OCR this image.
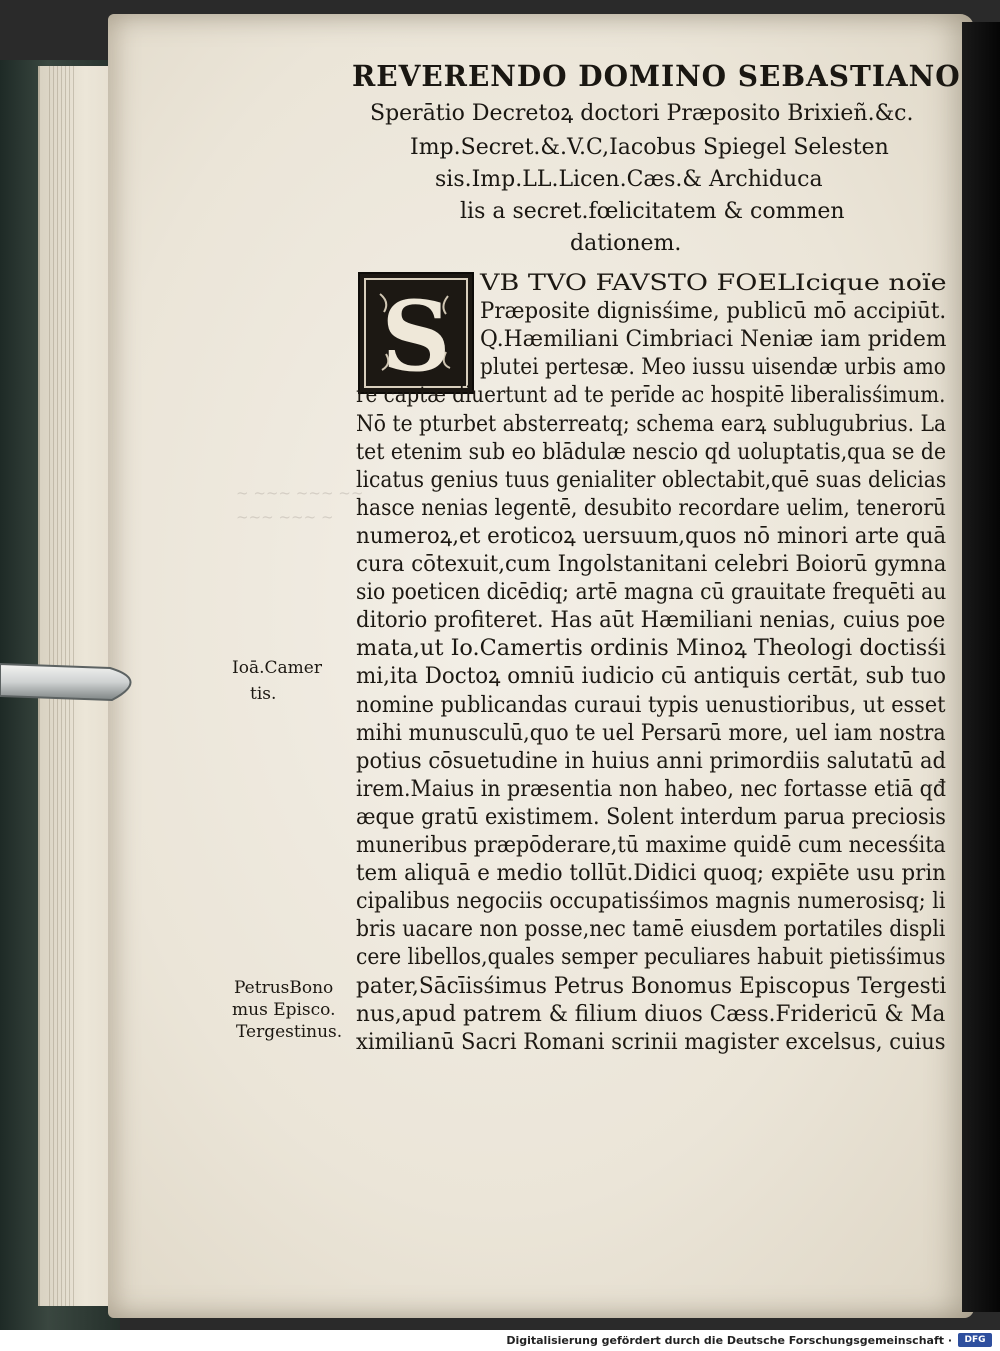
~ ~~~ ~~~ ~~
~~~ ~~~ ~

REVERENDO DOMINO SEBASTIANO

Sperātio Decretoꝝ doctori Præposito Brixieñ.&c.

Imp.Secret.&.V.C,Iacobus Spiegel Selesten

sis.Imp.LL.Licen.Cæs.& Archiduca

lis a secret.fœlicitatem & commen

dationem.

S VB TVO FAVSTO FOELIcique noïe
Præposite dignisśime, publicū mō accipiūt.
Q.Hæmiliani Cimbriaci Neniæ iam pridem
plutei pertesæ. Meo iussu uisendæ urbis amo
re captæ diuertunt ad te perīde ac hospitē liberalisśimum.
Nō te pturbet absterreatq; schema earꝝ sublugubrius. La
tet etenim sub eo blādulæ nescio qd uoluptatis,qua se de
licatus genius tuus genialiter oblectabit,quē suas delicias
hasce nenias legentē, desubito recordare uelim, tenerorū
numeroꝝ,et eroticoꝝ uersuum,quos nō minori arte quā
cura cōtexuit,cum Ingolstanitani celebri Boiorū gymna
sio poeticen dicēdiq; artē magna cū grauitate frequēti au
ditorio profiteret. Has aūt Hæmiliani nenias, cuius poe
mata,ut Io.Camertis ordinis Minoꝝ Theologi doctisśi
mi,ita Doctoꝝ omniū iudicio cū antiquis certāt, sub tuo
nomine publicandas curaui typis uenustioribus, ut esset
mihi munusculū,quo te uel Persarū more, uel iam nostra
potius cōsuetudine in huius anni primordiis salutatū ad
irem.Maius in præsentia non habeo, nec fortasse etiā qđ
æque gratū existimem. Solent interdum parua preciosis
muneribus præpōderare,tū maxime quidē cum necesśita
tem aliquā e medio tollūt.Didici quoq; expiēte usu prin
cipalibus negociis occupatisśimos magnis numerosisq; li
bris uacare non posse,nec tamē eiusdem portatiles displi
cere libellos,quales semper peculiares habuit pietisśimus
pater,Sācīisśimus Petrus Bonomus Episcopus Tergesti
nus,apud patrem & filium diuos Cæss.Fridericū & Ma
ximilianū Sacri Romani scrinii magister excelsus, cuius
Ioā.Camer
tis.
PetrusBono
mus Episco.
Tergestinus.
Digitalisierung gefördert durch die Deutsche Forschungsgemeinschaft ·	DFG
